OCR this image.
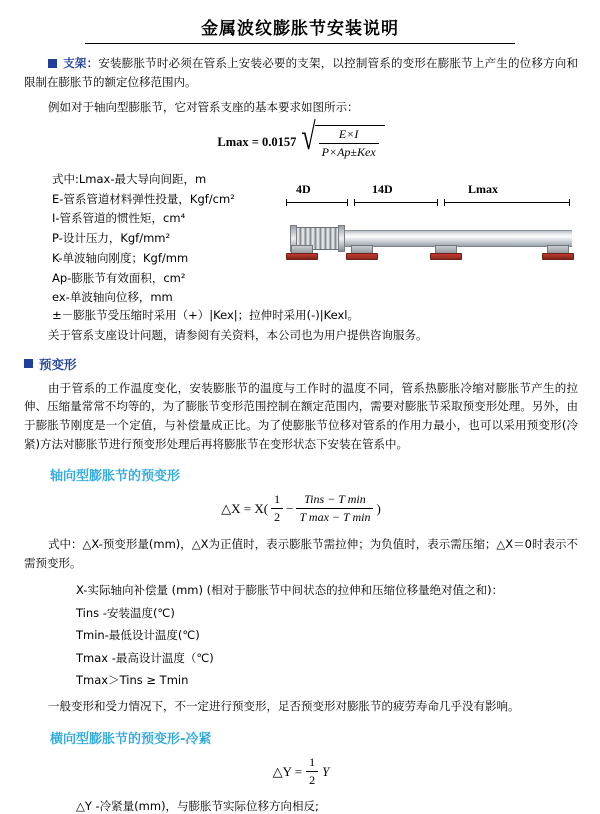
金属波纹膨胀节安装说明

支架：安装膨胀节时必须在管系上安装必要的支架，以控制管系的变形在膨胀节上产生的位移方向和限制在膨胀节的额定位移范围内。

例如对于轴向型膨胀节，它对管系支座的基本要求如图所示：

Lmax = 0.0157 √ $\frac{E\times I}{\text{P×Ap±Kex}}$
式中:Lmax-最大导向间距，m
E-管系管道材料弹性投量，Kgf/cm²
I-管系管道的惯性矩，cm⁴
P-设计压力，Kgf/mm²
K-单波轴向刚度；Kgf/mm
Ap-膨胀节有效面积，cm²
ex-单波轴向位移，mm
4D	14D	Lmax
±－膨胀节受压缩时采用（+）|Kex|；拉伸时采用(-)|Kexl。

关于管系支座设计问题，请参阅有关资料，本公司也为用户提供咨询服务。

预变形

由于管系的工作温度变化，安装膨胀节的温度与工作时的温度不同，管系热膨胀冷缩对膨胀节产生的拉伸、压缩量常常不均等的，为了膨胀节变形范围控制在额定范围内，需要对膨胀节采取预变形处理。另外，由于膨胀节刚度是一个定值，与补偿量成正比。为了使膨胀节位移对管系的作用力最小，也可以采用预变形(冷紧)方法对膨胀节进行预变形处理后再将膨胀节在变形状态下安装在管系中。

轴向型膨胀节的预变形
△X = $X( \frac{1}{2} - \frac{\text{Tins − T min}}{\text{T max − T min}}$ )

式中：△X-预变形量(mm)，△X为正值时，表示膨胀节需拉伸；为负值时，表示需压缩；△X＝0时表示不需预变形。

X-实际轴向补偿量 (mm) (相对于膨胀节中间状态的拉伸和压缩位移量绝对值之和)：
Tins -安装温度(℃)
Tmin-最低设计温度(℃)
Tmax -最高设计温度（℃)
Tmax＞Tins ≥ Tmin

一般变形和受力情况下，不一定进行预变形，足否预变形对膨胀节的疲劳寿命几乎没有影响。

横向型膨胀节的预变形-冷紧
△Y = $\frac{1}{2}$ Y
△Y -冷紧量(mm)，与膨胀节实际位移方向相反;
